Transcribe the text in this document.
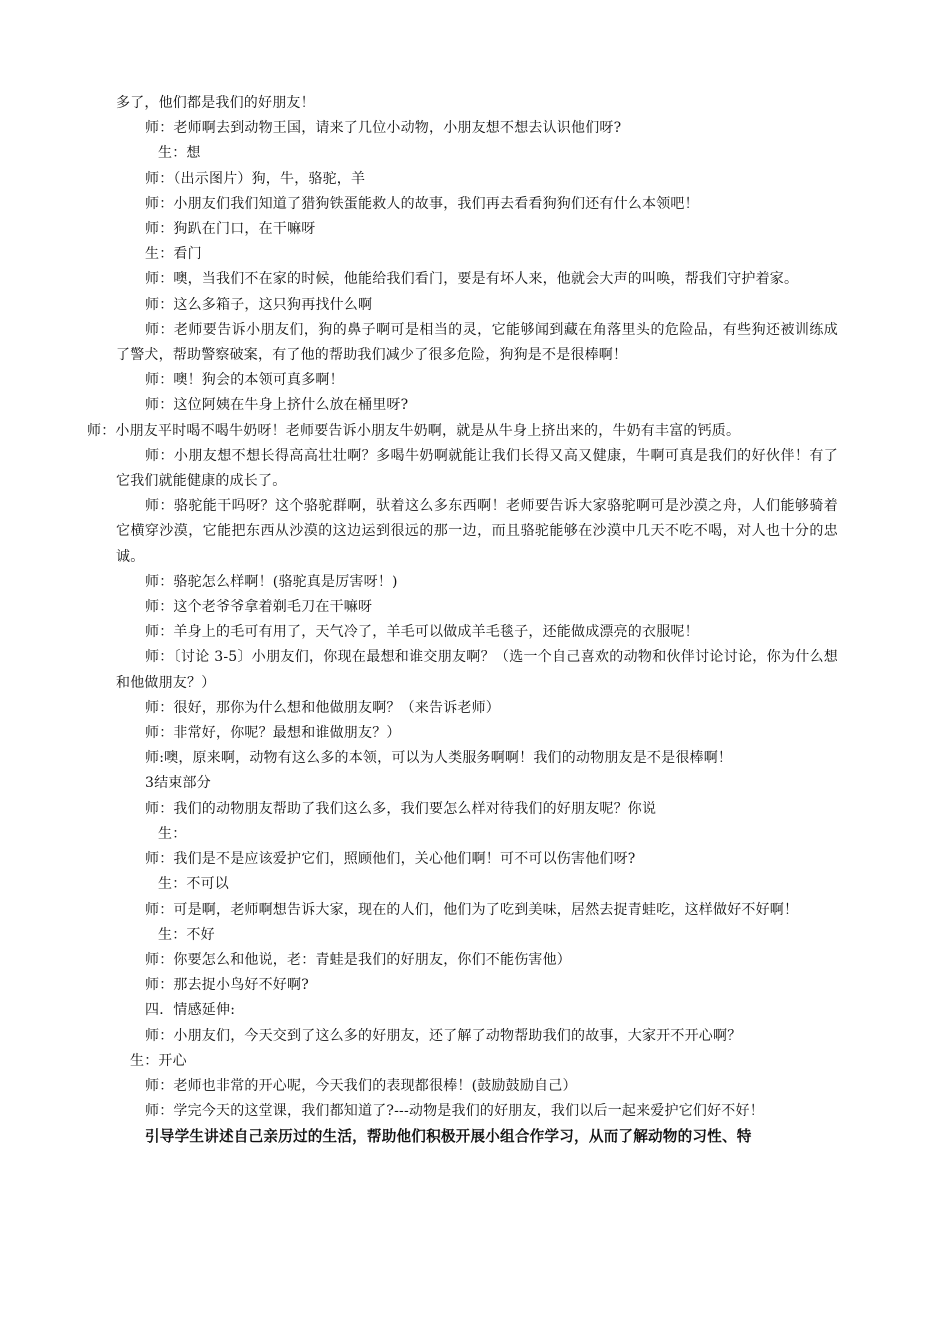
多了，他们都是我们的好朋友！

师：老师啊去到动物王国，请来了几位小动物，小朋友想不想去认识他们呀?

生：想

师：（出示图片）狗，牛，骆驼，羊

师：小朋友们我们知道了猎狗铁蛋能救人的故事，我们再去看看狗狗们还有什么本领吧！

师：狗趴在门口，在干嘛呀

生：看门

师：噢，当我们不在家的时候，他能给我们看门，要是有坏人来，他就会大声的叫唤，帮我们守护着家。

师：这么多箱子，这只狗再找什么啊

师：老师要告诉小朋友们，狗的鼻子啊可是相当的灵，它能够闻到藏在角落里头的危险品，有些狗还被训练成了警犬，帮助警察破案，有了他的帮助我们减少了很多危险，狗狗是不是很棒啊！

师：噢！狗会的本领可真多啊！

师：这位阿姨在牛身上挤什么放在桶里呀?

师：小朋友平时喝不喝牛奶呀！老师要告诉小朋友牛奶啊，就是从牛身上挤出来的，牛奶有丰富的钙质。

师：小朋友想不想长得高高壮壮啊？多喝牛奶啊就能让我们长得又高又健康，牛啊可真是我们的好伙伴！有了它我们就能健康的成长了。

师：骆驼能干吗呀？这个骆驼群啊，驮着这么多东西啊！老师要告诉大家骆驼啊可是沙漠之舟，人们能够骑着它横穿沙漠，它能把东西从沙漠的这边运到很远的那一边，而且骆驼能够在沙漠中几天不吃不喝，对人也十分的忠诚。

师：骆驼怎么样啊！(骆驼真是厉害呀！)

师：这个老爷爷拿着剃毛刀在干嘛呀

师：羊身上的毛可有用了，天气冷了，羊毛可以做成羊毛毯子，还能做成漂亮的衣服呢！

师：〔讨论 3-5〕小朋友们，你现在最想和谁交朋友啊？（选一个自己喜欢的动物和伙伴讨论讨论，你为什么想和他做朋友？）

师：很好，那你为什么想和他做朋友啊？（来告诉老师）

师：非常好，你呢？最想和谁做朋友？）

师:噢，原来啊，动物有这么多的本领，可以为人类服务啊啊！我们的动物朋友是不是很棒啊！

3结束部分

师：我们的动物朋友帮助了我们这么多，我们要怎么样对待我们的好朋友呢？你说

生：

师：我们是不是应该爱护它们，照顾他们，关心他们啊！可不可以伤害他们呀?

生：不可以

师：可是啊，老师啊想告诉大家，现在的人们，他们为了吃到美味，居然去捉青蛙吃，这样做好不好啊！

生：不好

师：你要怎么和他说，老：青蛙是我们的好朋友，你们不能伤害他）

师：那去捉小鸟好不好啊?

四．情感延伸:

师：小朋友们，今天交到了这么多的好朋友，还了解了动物帮助我们的故事，大家开不开心啊？

生：开心

师：老师也非常的开心呢，今天我们的表现都很棒！(鼓励鼓励自己）

师：学完今天的这堂课，我们都知道了?---动物是我们的好朋友，我们以后一起来爱护它们好不好！

引导学生讲述自己亲历过的生活，帮助他们积极开展小组合作学习，从而了解动物的习性、特
